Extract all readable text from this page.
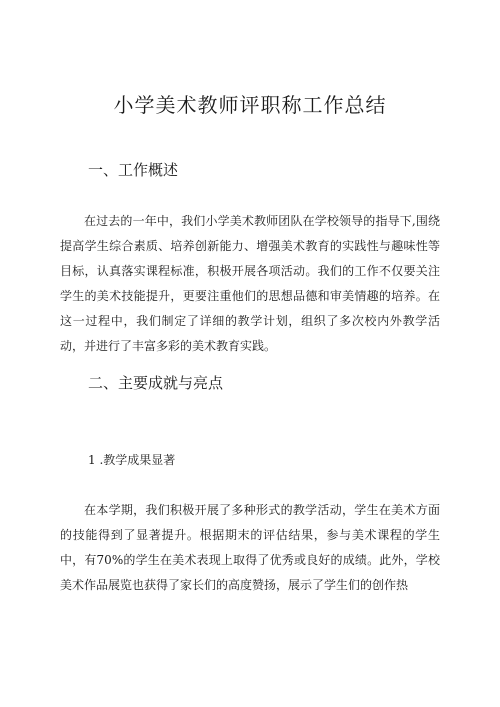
小学美术教师评职称工作总结
一、工作概述

在过去的一年中，我们小学美术教师团队在学校领导的指导下,围绕提高学生综合素质、培养创新能力、增强美术教育的实践性与趣味性等目标，认真落实课程标准，积极开展各项活动。我们的工作不仅要关注学生的美术技能提升，更要注重他们的思想品德和审美情趣的培养。在这一过程中，我们制定了详细的教学计划，组织了多次校内外教学活动，并进行了丰富多彩的美术教育实践。

二、主要成就与亮点

1 .教学成果显著

在本学期，我们积极开展了多种形式的教学活动，学生在美术方面的技能得到了显著提升。根据期末的评估结果，参与美术课程的学生中，有70%的学生在美术表现上取得了优秀或良好的成绩。此外，学校美术作品展览也获得了家长们的高度赞扬，展示了学生们的创作热
